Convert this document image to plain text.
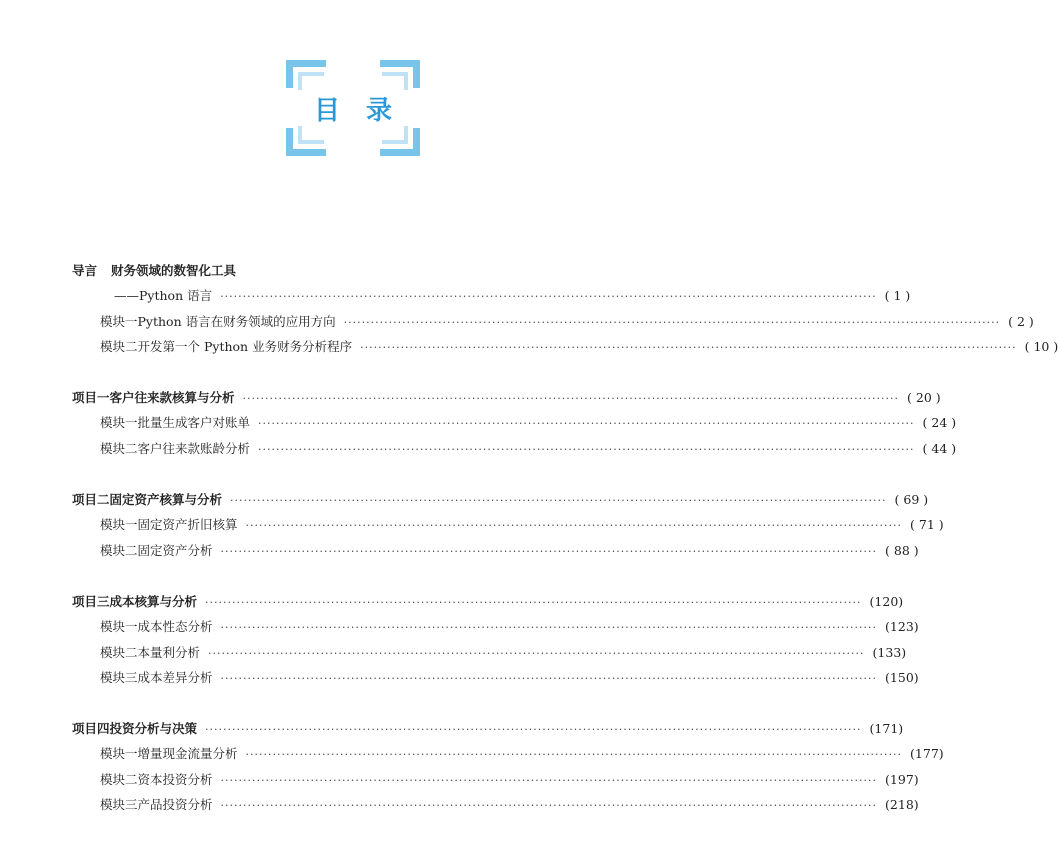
目录
导言 财务领域的数智化工具
——Python 语言 ·················································································································································· ( 1 )
模块一 Python 语言在财务领域的应用方向 ·················································································································································· ( 2 )
模块二 开发第一个 Python 业务财务分析程序 ·················································································································································· ( 10 )
项目一 客户往来款核算与分析 ·················································································································································· ( 20 )
模块一 批量生成客户对账单 ·················································································································································· ( 24 )
模块二 客户往来款账龄分析 ·················································································································································· ( 44 )
项目二 固定资产核算与分析 ·················································································································································· ( 69 )
模块一 固定资产折旧核算 ·················································································································································· ( 71 )
模块二 固定资产分析 ·················································································································································· ( 88 )
项目三 成本核算与分析 ·················································································································································· (120)
模块一 成本性态分析 ·················································································································································· (123)
模块二 本量利分析 ·················································································································································· (133)
模块三 成本差异分析 ·················································································································································· (150)
项目四 投资分析与决策 ·················································································································································· (171)
模块一 增量现金流量分析 ·················································································································································· (177)
模块二 资本投资分析 ·················································································································································· (197)
模块三 产品投资分析 ·················································································································································· (218)
